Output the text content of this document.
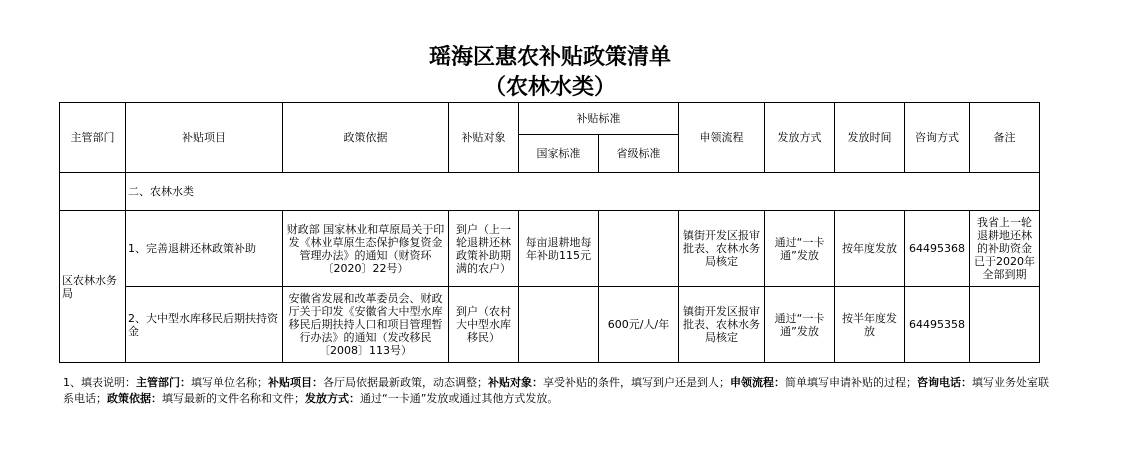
瑶海区惠农补贴政策清单
（农林水类）
主管部门	补贴项目	政策依据	补贴对象	补贴标准		申领流程	发放方式	发放时间	咨询方式	备注
				国家标准	省级标准					
	二、农林水类									
区农林水务局	1、完善退耕还林政策补助	财政部 国家林业和草原局关于印发《林业草原生态保护修复资金管理办法》的通知（财资环〔2020〕22号）	到户（上一轮退耕还林政策补助期满的农户）	每亩退耕地每年补助115元		镇街开发区报审批表、农林水务局核定	通过“一卡通”发放	按年度发放	64495368	我省上一轮退耕地还林的补助资金已于2020年全部到期
	2、大中型水库移民后期扶持资金	安徽省发展和改革委员会、财政厅关于印发《安徽省大中型水库移民后期扶持人口和项目管理暂行办法》的通知（发改移民〔2008〕113号）	到户（农村大中型水库移民）		600元/人/年	镇街开发区报审批表、农林水务局核定	通过“一卡通”发放	按半年度发放	64495358	
1、填表说明：主管部门：填写单位名称；补贴项目：各厅局依据最新政策，动态调整；补贴对象：享受补贴的条件，填写到户还是到人；申领流程：简单填写申请补贴的过程；咨询电话：填写业务处室联系电话；政策依据：填写最新的文件名称和文件；发放方式：通过“一卡通”发放或通过其他方式发放。
